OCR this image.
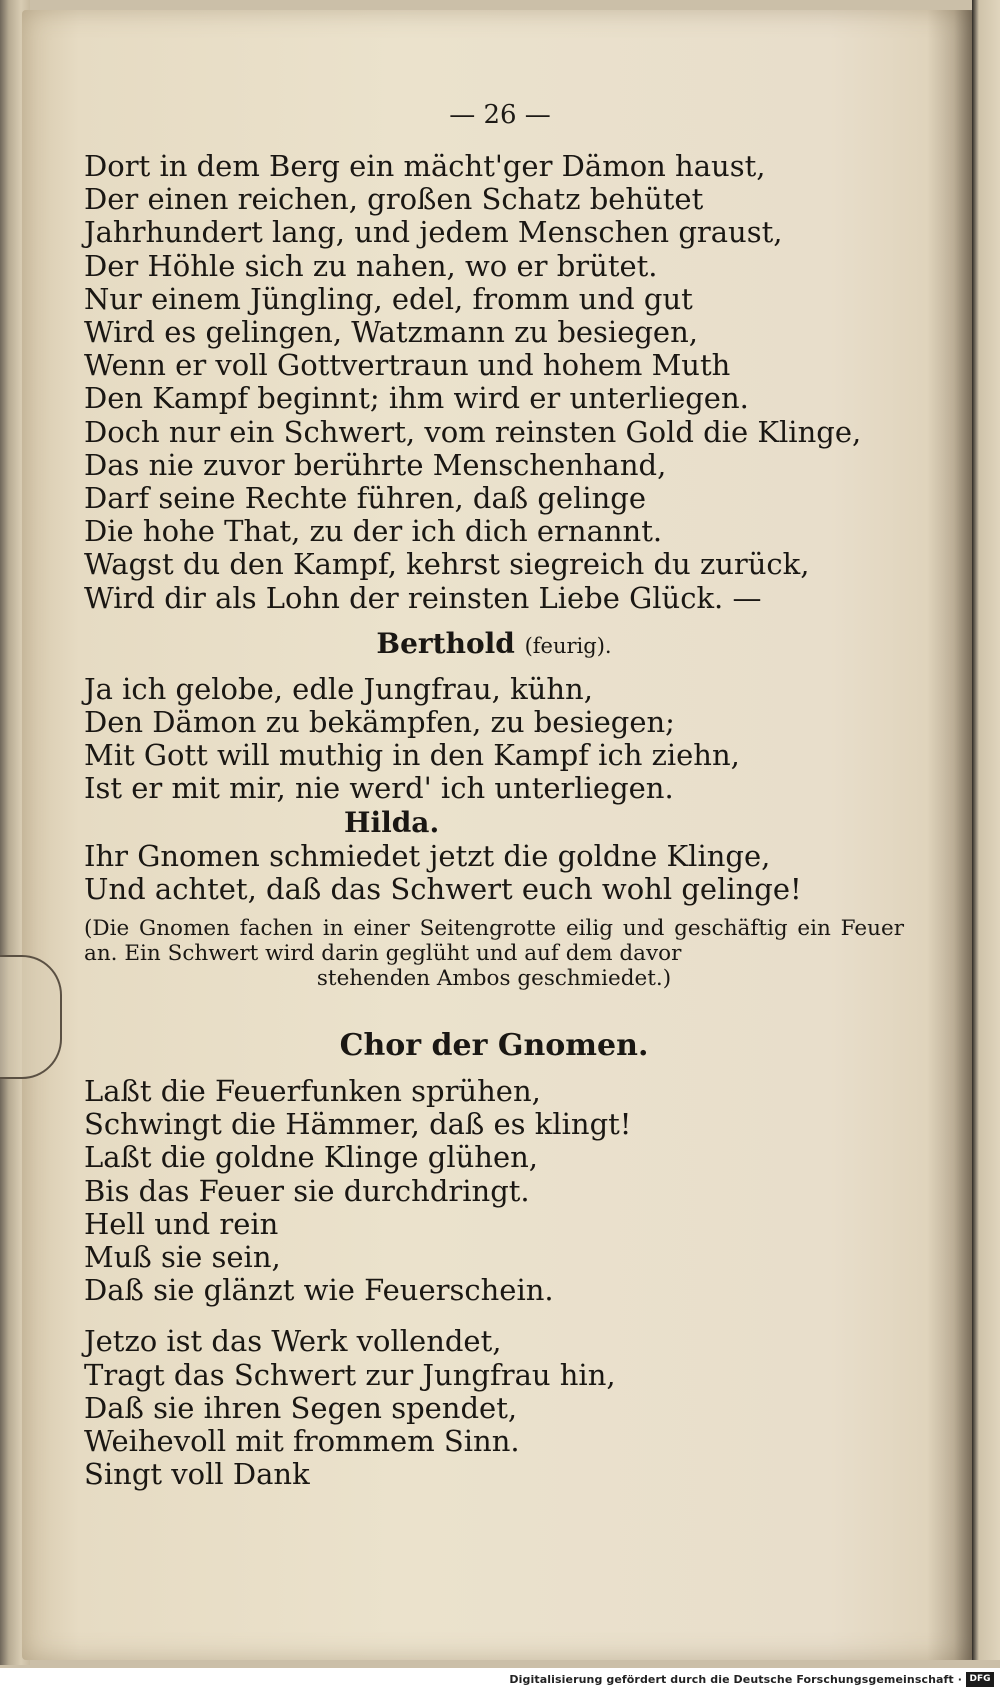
— 26 —
Dort in dem Berg ein mächt'ger Dämon haust,
Der einen reichen, großen Schatz behütet
Jahrhundert lang, und jedem Menschen graust,
Der Höhle sich zu nahen, wo er brütet.
Nur einem Jüngling, edel, fromm und gut
Wird es gelingen, Watzmann zu besiegen,
Wenn er voll Gottvertraun und hohem Muth
Den Kampf beginnt; ihm wird er unterliegen.
Doch nur ein Schwert, vom reinsten Gold die Klinge,
Das nie zuvor berührte Menschenhand,
Darf seine Rechte führen, daß gelinge
Die hohe That, zu der ich dich ernannt.
Wagst du den Kampf, kehrst siegreich du zurück,
Wird dir als Lohn der reinsten Liebe Glück. —
Berthold (feurig).
Ja ich gelobe, edle Jungfrau, kühn,
Den Dämon zu bekämpfen, zu besiegen;
Mit Gott will muthig in den Kampf ich ziehn,
Ist er mit mir, nie werd' ich unterliegen.
Hilda.
Ihr Gnomen schmiedet jetzt die goldne Klinge,
Und achtet, daß das Schwert euch wohl gelinge!
(Die Gnomen fachen in einer Seitengrotte eilig und geschäftig ein Feuer an. Ein Schwert wird darin geglüht und auf dem davor
stehenden Ambos geschmiedet.)
Chor der Gnomen.
Laßt die Feuerfunken sprühen,
Schwingt die Hämmer, daß es klingt!
Laßt die goldne Klinge glühen,
Bis das Feuer sie durchdringt.
Hell und rein
Muß sie sein,
Daß sie glänzt wie Feuerschein.
Jetzo ist das Werk vollendet,
Tragt das Schwert zur Jungfrau hin,
Daß sie ihren Segen spendet,
Weihevoll mit frommem Sinn.
Singt voll Dank
Digitalisierung gefördert durch die Deutsche Forschungsgemeinschaft · DFG
